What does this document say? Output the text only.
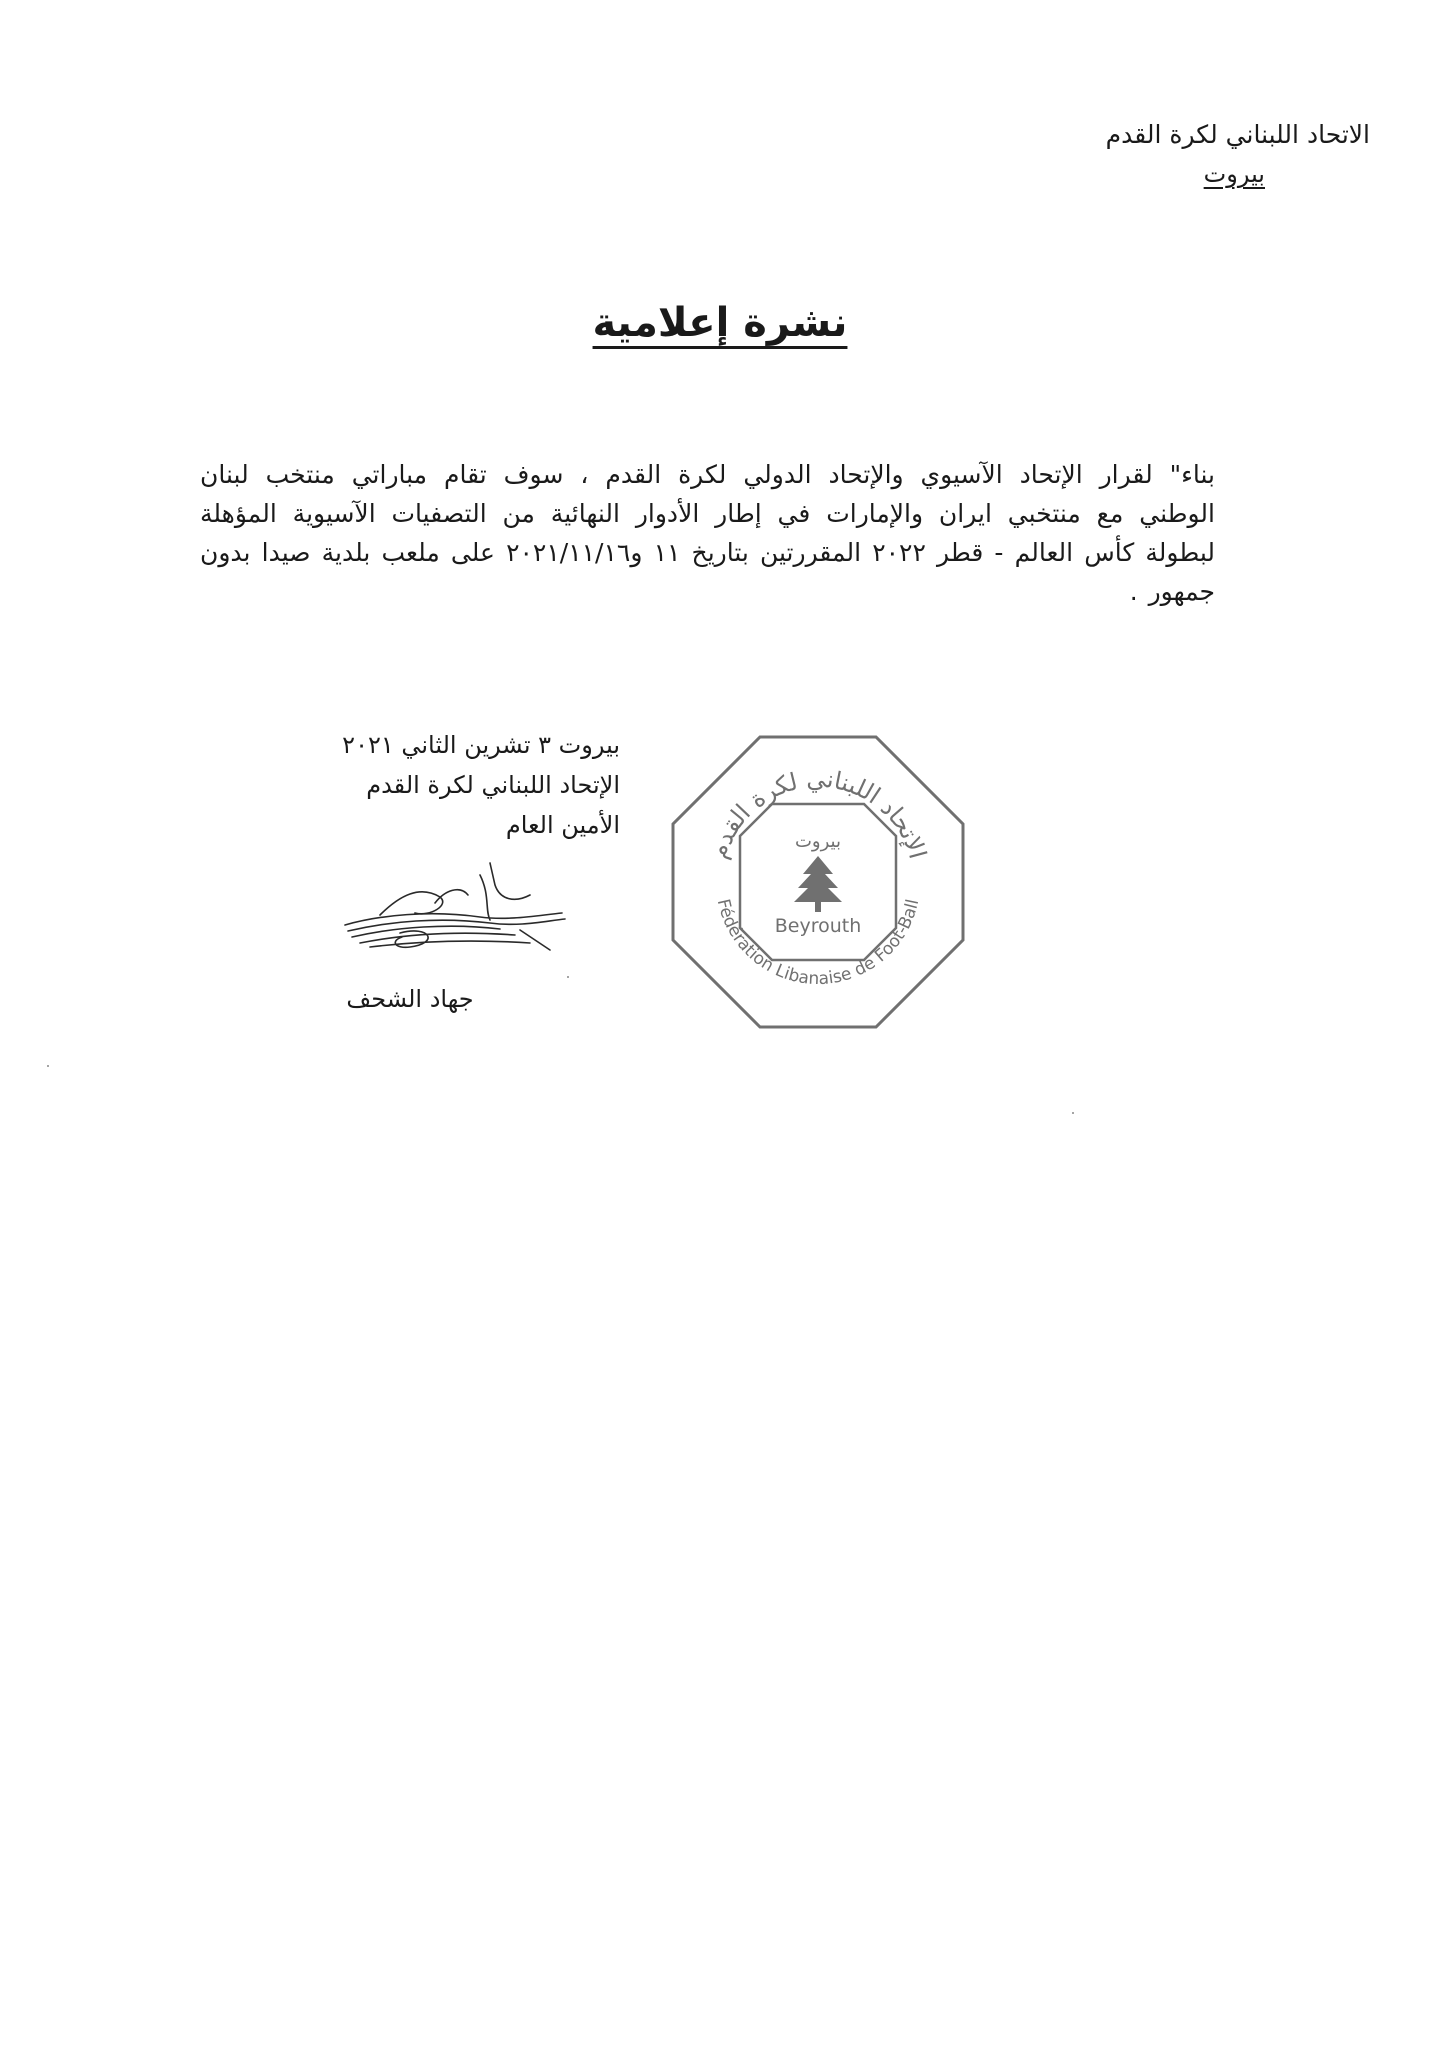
الاتحاد اللبناني لكرة القدم
بيروت
نشرة إعلامية
بناء" لقرار الإتحاد الآسيوي والإتحاد الدولي لكرة القدم ، سوف تقام مباراتي منتخب لبنان الوطني مع منتخبي ايران والإمارات في إطار الأدوار النهائية من التصفيات الآسيوية المؤهلة لبطولة كأس العالم - قطر ٢٠٢٢ المقررتين بتاريخ ١١ و٢٠٢١/١١/١٦ على ملعب بلدية صيدا بدون جمهور .
بيروت ٣ تشرين الثاني ٢٠٢١
الإتحاد اللبناني لكرة القدم
الأمين العام
جهاد الشحف
الإتحاد اللبناني لكرة القدم
Fédération Libanaise de Foot-Ball
بيروت
Beyrouth
